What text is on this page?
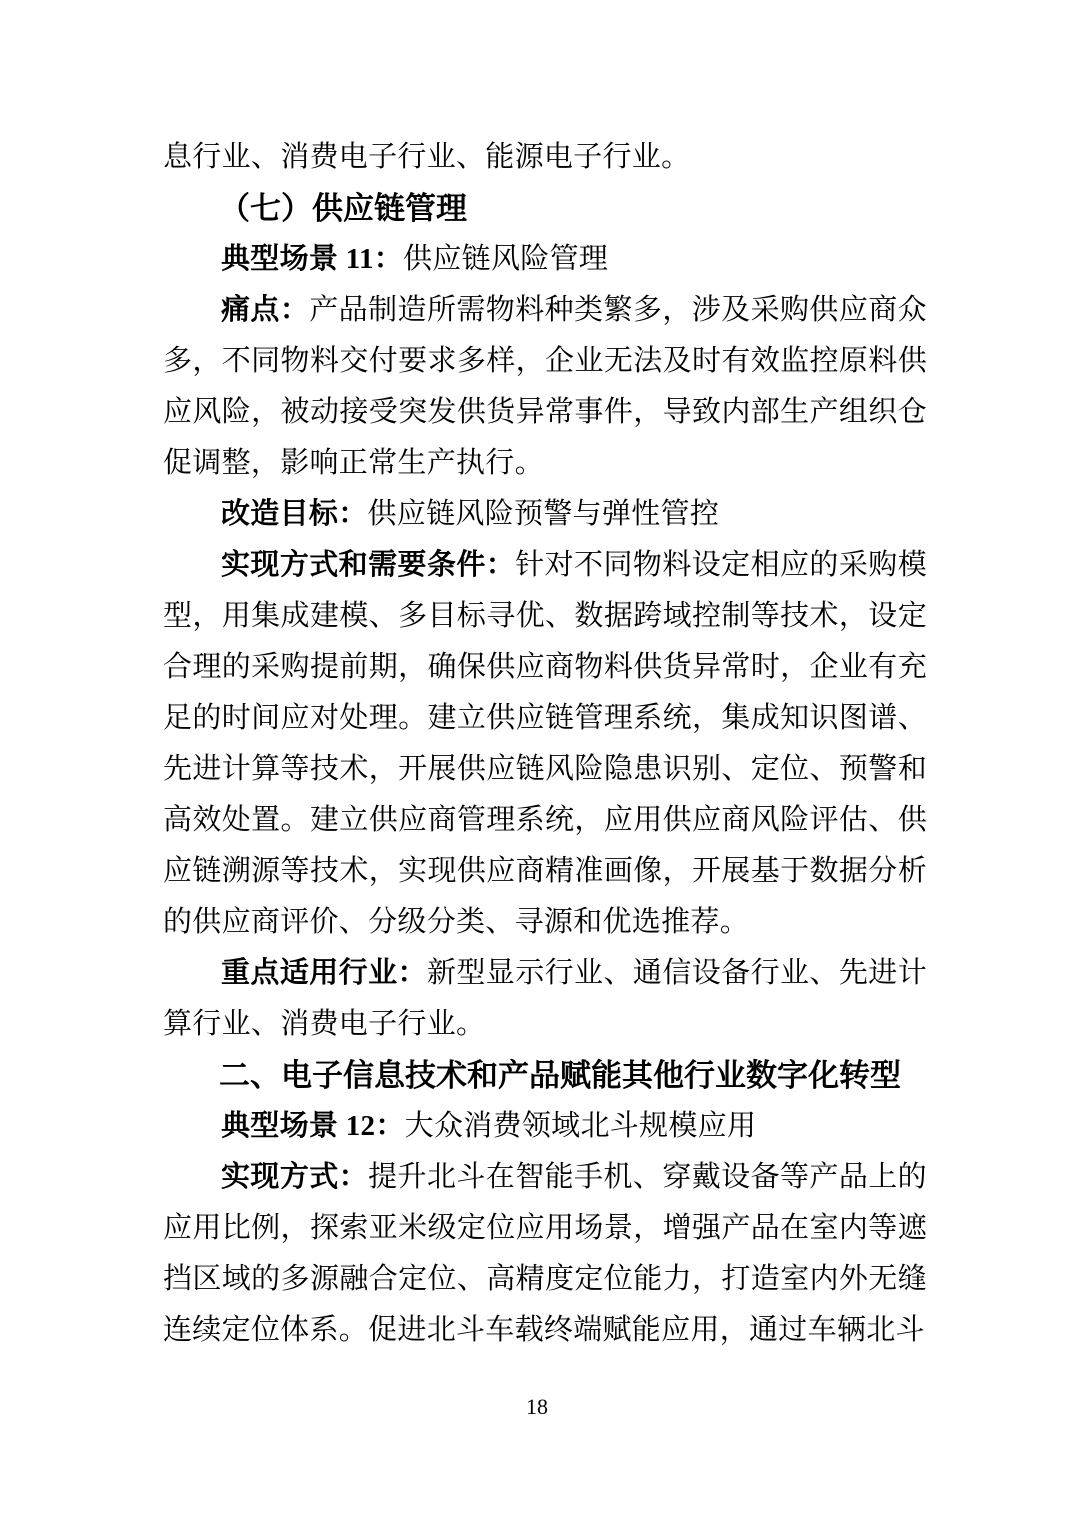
息行业、消费电子行业、能源电子行业。

（七）供应链管理

典型场景 11：供应链风险管理

痛点：产品制造所需物料种类繁多，涉及采购供应商众多，不同物料交付要求多样，企业无法及时有效监控原料供应风险，被动接受突发供货异常事件，导致内部生产组织仓促调整，影响正常生产执行。

改造目标：供应链风险预警与弹性管控

实现方式和需要条件：针对不同物料设定相应的采购模型，用集成建模、多目标寻优、数据跨域控制等技术，设定合理的采购提前期，确保供应商物料供货异常时，企业有充足的时间应对处理。建立供应链管理系统，集成知识图谱、先进计算等技术，开展供应链风险隐患识别、定位、预警和高效处置。建立供应商管理系统，应用供应商风险评估、供应链溯源等技术，实现供应商精准画像，开展基于数据分析的供应商评价、分级分类、寻源和优选推荐。

重点适用行业：新型显示行业、通信设备行业、先进计算行业、消费电子行业。

二、电子信息技术和产品赋能其他行业数字化转型

典型场景 12：大众消费领域北斗规模应用

实现方式：提升北斗在智能手机、穿戴设备等产品上的应用比例，探索亚米级定位应用场景，增强产品在室内等遮挡区域的多源融合定位、高精度定位能力，打造室内外无缝连续定位体系。促进北斗车载终端赋能应用，通过车辆北斗

18
